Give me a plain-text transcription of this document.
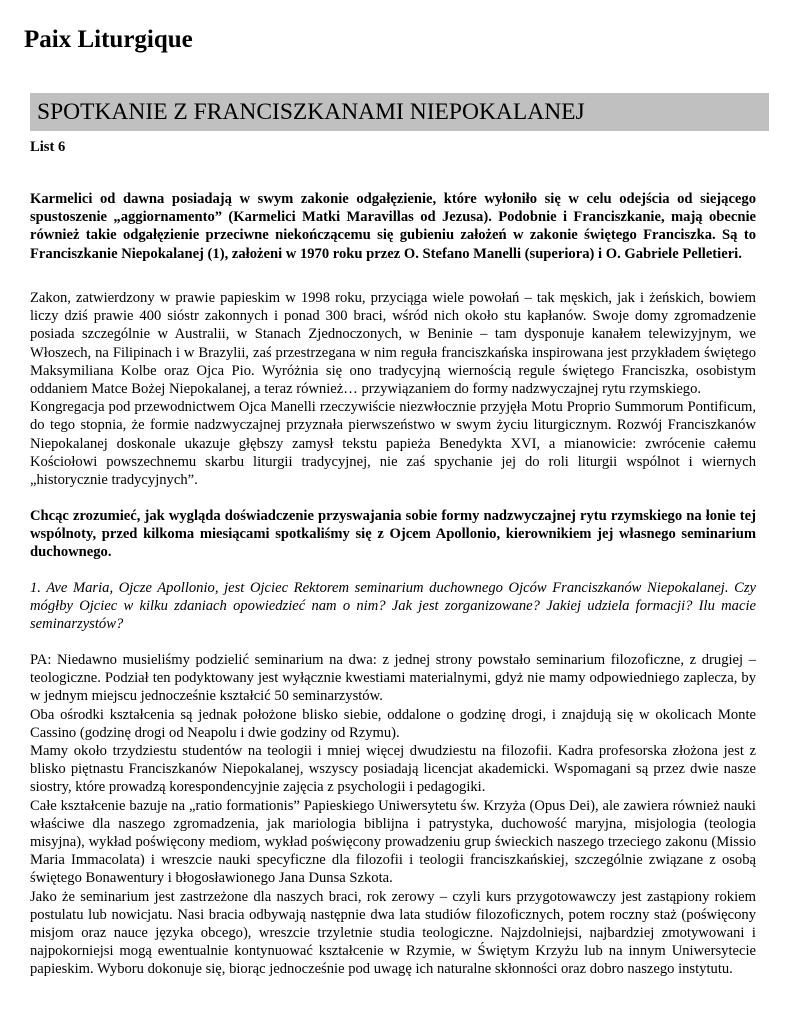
Paix Liturgique
SPOTKANIE Z FRANCISZKANAMI NIEPOKALANEJ

List 6

Karmelici od dawna posiadają w swym zakonie odgałęzienie, które wyłoniło się w celu odejścia od siejącego spustoszenie „aggiornamento” (Karmelici Matki Maravillas od Jezusa). Podobnie i Franciszkanie, mają obecnie również takie odgałęzienie przeciwne niekończącemu się gubieniu założeń w zakonie świętego Franciszka. Są to Franciszkanie Niepokalanej (1), założeni w 1970 roku przez O. Stefano Manelli (superiora) i O. Gabriele Pelletieri.

Zakon, zatwierdzony w prawie papieskim w 1998 roku, przyciąga wiele powołań – tak męskich, jak i żeńskich, bowiem liczy dziś prawie 400 sióstr zakonnych i ponad 300 braci, wśród nich około stu kapłanów. Swoje domy zgromadzenie posiada szczególnie w Australii, w Stanach Zjednoczonych, w Beninie – tam dysponuje kanałem telewizyjnym, we Włoszech, na Filipinach i w Brazylii, zaś przestrzegana w nim reguła franciszkańska inspirowana jest przykładem świętego Maksymiliana Kolbe oraz Ojca Pio. Wyróżnia się ono tradycyjną wiernością regule świętego Franciszka, osobistym oddaniem Matce Bożej Niepokalanej, a teraz również… przywiązaniem do formy nadzwyczajnej rytu rzymskiego.

Kongregacja pod przewodnictwem Ojca Manelli rzeczywiście niezwłocznie przyjęła Motu Proprio Summorum Pontificum, do tego stopnia, że formie nadzwyczajnej przyznała pierwszeństwo w swym życiu liturgicznym. Rozwój Franciszkanów Niepokalanej doskonale ukazuje głębszy zamysł tekstu papieża Benedykta XVI, a mianowicie: zwrócenie całemu Kościołowi powszechnemu skarbu liturgii tradycyjnej, nie zaś spychanie jej do roli liturgii wspólnot i wiernych „historycznie tradycyjnych”.

Chcąc zrozumieć, jak wygląda doświadczenie przyswajania sobie formy nadzwyczajnej rytu rzymskiego na łonie tej wspólnoty, przed kilkoma miesiącami spotkaliśmy się z Ojcem Apollonio, kierownikiem jej własnego seminarium duchownego.

1. Ave Maria, Ojcze Apollonio, jest Ojciec Rektorem seminarium duchownego Ojców Franciszkanów Niepokalanej. Czy mógłby Ojciec w kilku zdaniach opowiedzieć nam o nim? Jak jest zorganizowane? Jakiej udziela formacji? Ilu macie seminarzystów?

PA: Niedawno musieliśmy podzielić seminarium na dwa: z jednej strony powstało seminarium filozoficzne, z drugiej – teologiczne. Podział ten podyktowany jest wyłącznie kwestiami materialnymi, gdyż nie mamy odpowiedniego zaplecza, by w jednym miejscu jednocześnie kształcić 50 seminarzystów.

Oba ośrodki kształcenia są jednak położone blisko siebie, oddalone o godzinę drogi, i znajdują się w okolicach Monte Cassino (godzinę drogi od Neapolu i dwie godziny od Rzymu).

Mamy około trzydziestu studentów na teologii i mniej więcej dwudziestu na filozofii. Kadra profesorska złożona jest z blisko piętnastu Franciszkanów Niepokalanej, wszyscy posiadają licencjat akademicki. Wspomagani są przez dwie nasze siostry, które prowadzą korespondencyjnie zajęcia z psychologii i pedagogiki.

Całe kształcenie bazuje na „ratio formationis” Papieskiego Uniwersytetu św. Krzyża (Opus Dei), ale zawiera również nauki właściwe dla naszego zgromadzenia, jak mariologia biblijna i patrystyka, duchowość maryjna, misjologia (teologia misyjna), wykład poświęcony mediom, wykład poświęcony prowadzeniu grup świeckich naszego trzeciego zakonu (Missio Maria Immacolata) i wreszcie nauki specyficzne dla filozofii i teologii franciszkańskiej, szczególnie związane z osobą świętego Bonawentury i błogosławionego Jana Dunsa Szkota.

Jako że seminarium jest zastrzeżone dla naszych braci, rok zerowy – czyli kurs przygotowawczy jest zastąpiony rokiem postulatu lub nowicjatu. Nasi bracia odbywają następnie dwa lata studiów filozoficznych, potem roczny staż (poświęcony misjom oraz nauce języka obcego), wreszcie trzyletnie studia teologiczne. Najzdolniejsi, najbardziej zmotywowani i najpokorniejsi mogą ewentualnie kontynuować kształcenie w Rzymie, w Świętym Krzyżu lub na innym Uniwersytecie papieskim. Wyboru dokonuje się, biorąc jednocześnie pod uwagę ich naturalne skłonności oraz dobro naszego instytutu.
